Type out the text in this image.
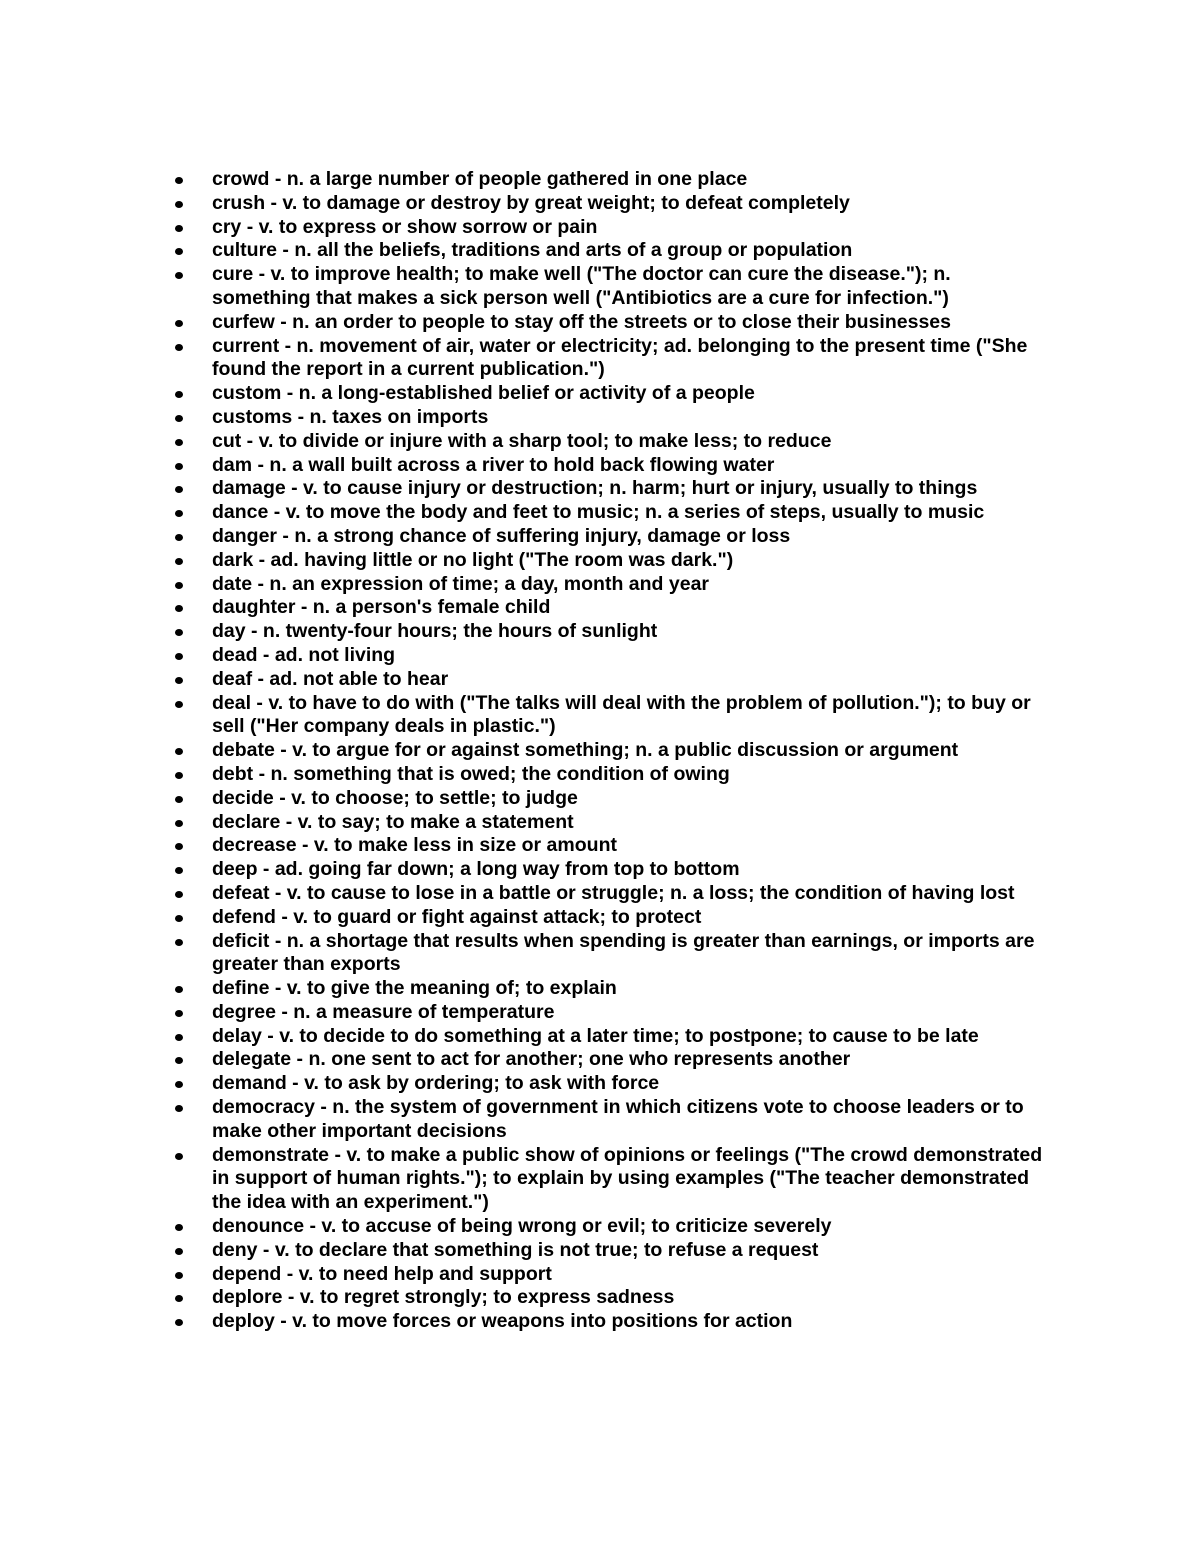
crowd - n. a large number of people gathered in one place
crush - v. to damage or destroy by great weight; to defeat completely
cry - v. to express or show sorrow or pain
culture - n. all the beliefs, traditions and arts of a group or population
cure - v. to improve health; to make well ("The doctor can cure the disease."); n. something that makes a sick person well ("Antibiotics are a cure for infection.")
curfew - n. an order to people to stay off the streets or to close their businesses
current - n. movement of air, water or electricity; ad. belonging to the present time ("She found the report in a current publication.")
custom - n. a long-established belief or activity of a people
customs - n. taxes on imports
cut - v. to divide or injure with a sharp tool; to make less; to reduce
dam - n. a wall built across a river to hold back flowing water
damage - v. to cause injury or destruction; n. harm; hurt or injury, usually to things
dance - v. to move the body and feet to music; n. a series of steps, usually to music
danger - n. a strong chance of suffering injury, damage or loss
dark - ad. having little or no light ("The room was dark.")
date - n. an expression of time; a day, month and year
daughter - n. a person's female child
day - n. twenty-four hours; the hours of sunlight
dead - ad. not living
deaf - ad. not able to hear
deal - v. to have to do with ("The talks will deal with the problem of pollution."); to buy or sell ("Her company deals in plastic.")
debate - v. to argue for or against something; n. a public discussion or argument
debt - n. something that is owed; the condition of owing
decide - v. to choose; to settle; to judge
declare - v. to say; to make a statement
decrease - v. to make less in size or amount
deep - ad. going far down; a long way from top to bottom
defeat - v. to cause to lose in a battle or struggle; n. a loss; the condition of having lost
defend - v. to guard or fight against attack; to protect
deficit - n. a shortage that results when spending is greater than earnings, or imports are greater than exports
define - v. to give the meaning of; to explain
degree - n. a measure of temperature
delay - v. to decide to do something at a later time; to postpone; to cause to be late
delegate - n. one sent to act for another; one who represents another
demand - v. to ask by ordering; to ask with force
democracy - n. the system of government in which citizens vote to choose leaders or to make other important decisions
demonstrate - v. to make a public show of opinions or feelings ("The crowd demonstrated in support of human rights."); to explain by using examples ("The teacher demonstrated the idea with an experiment.")
denounce - v. to accuse of being wrong or evil; to criticize severely
deny - v. to declare that something is not true; to refuse a request
depend - v. to need help and support
deplore - v. to regret strongly; to express sadness
deploy - v. to move forces or weapons into positions for action
